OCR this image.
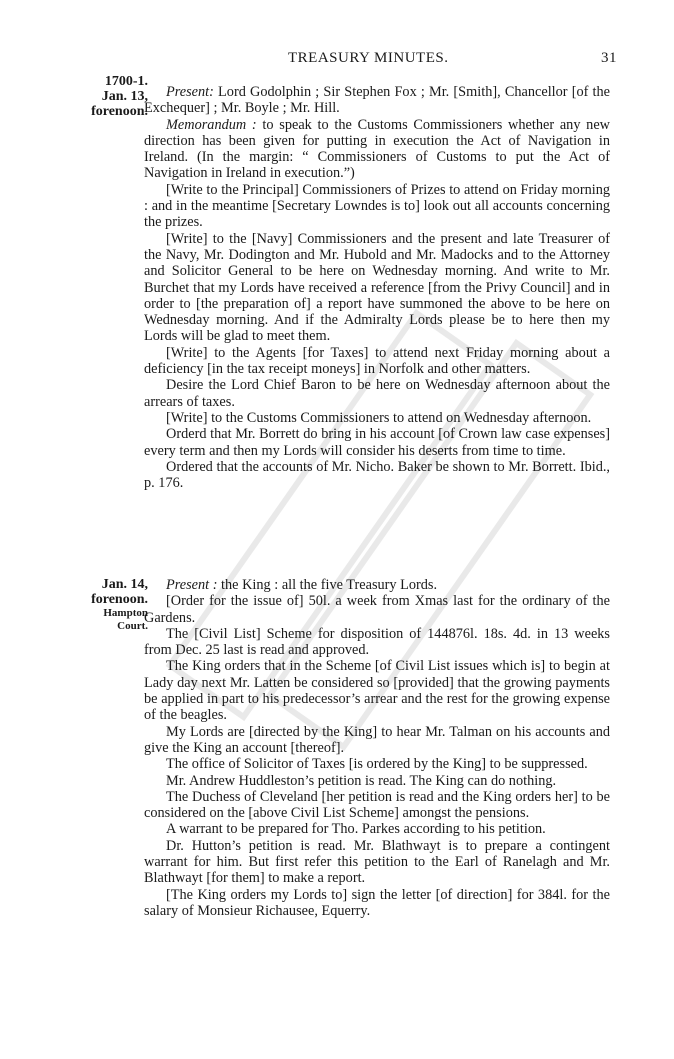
TREASURY MINUTES.	31
1700-1.
Jan. 13,
forenoon.

Present: Lord Godolphin ; Sir Stephen Fox ; Mr. [Smith], Chancellor [of the Exchequer] ; Mr. Boyle ; Mr. Hill.

Memorandum : to speak to the Customs Commissioners whether any new direction has been given for putting in execution the Act of Navigation in Ireland. (In the margin: “ Commissioners of Customs to put the Act of Navigation in Ireland in execution.”)

[Write to the Principal] Commissioners of Prizes to attend on Friday morning : and in the meantime [Secretary Lowndes is to] look out all accounts concerning the prizes.

[Write] to the [Navy] Commissioners and the present and late Treasurer of the Navy, Mr. Dodington and Mr. Hubold and Mr. Madocks and to the Attorney and Solicitor General to be here on Wednesday morning. And write to Mr. Burchet that my Lords have received a reference [from the Privy Council] and in order to [the preparation of] a report have summoned the above to be here on Wednesday morning. And if the Admiralty Lords please be to here then my Lords will be glad to meet them.

[Write] to the Agents [for Taxes] to attend next Friday morning about a deficiency [in the tax receipt moneys] in Norfolk and other matters.

Desire the Lord Chief Baron to be here on Wednesday afternoon about the arrears of taxes.

[Write] to the Customs Commissioners to attend on Wednesday afternoon.

Orderd that Mr. Borrett do bring in his account [of Crown law case expenses] every term and then my Lords will consider his deserts from time to time.

Ordered that the accounts of Mr. Nicho. Baker be shown to Mr. Borrett. Ibid., p. 176.

Jan. 14,
forenoon.
Hampton
Court.

Present : the King : all the five Treasury Lords.

[Order for the issue of] 50l. a week from Xmas last for the ordinary of the Gardens.

The [Civil List] Scheme for disposition of 144876l. 18s. 4d. in 13 weeks from Dec. 25 last is read and approved.

The King orders that in the Scheme [of Civil List issues which is] to begin at Lady day next Mr. Latten be considered so [provided] that the growing payments be applied in part to his predecessor’s arrear and the rest for the growing expense of the beagles.

My Lords are [directed by the King] to hear Mr. Talman on his accounts and give the King an account [thereof].

The office of Solicitor of Taxes [is ordered by the King] to be suppressed.

Mr. Andrew Huddleston’s petition is read. The King can do nothing.

The Duchess of Cleveland [her petition is read and the King orders her] to be considered on the [above Civil List Scheme] amongst the pensions.

A warrant to be prepared for Tho. Parkes according to his petition.

Dr. Hutton’s petition is read. Mr. Blathwayt is to prepare a contingent warrant for him. But first refer this petition to the Earl of Ranelagh and Mr. Blathwayt [for them] to make a report.

[The King orders my Lords to] sign the letter [of direction] for 384l. for the salary of Monsieur Richausee, Equerry.
